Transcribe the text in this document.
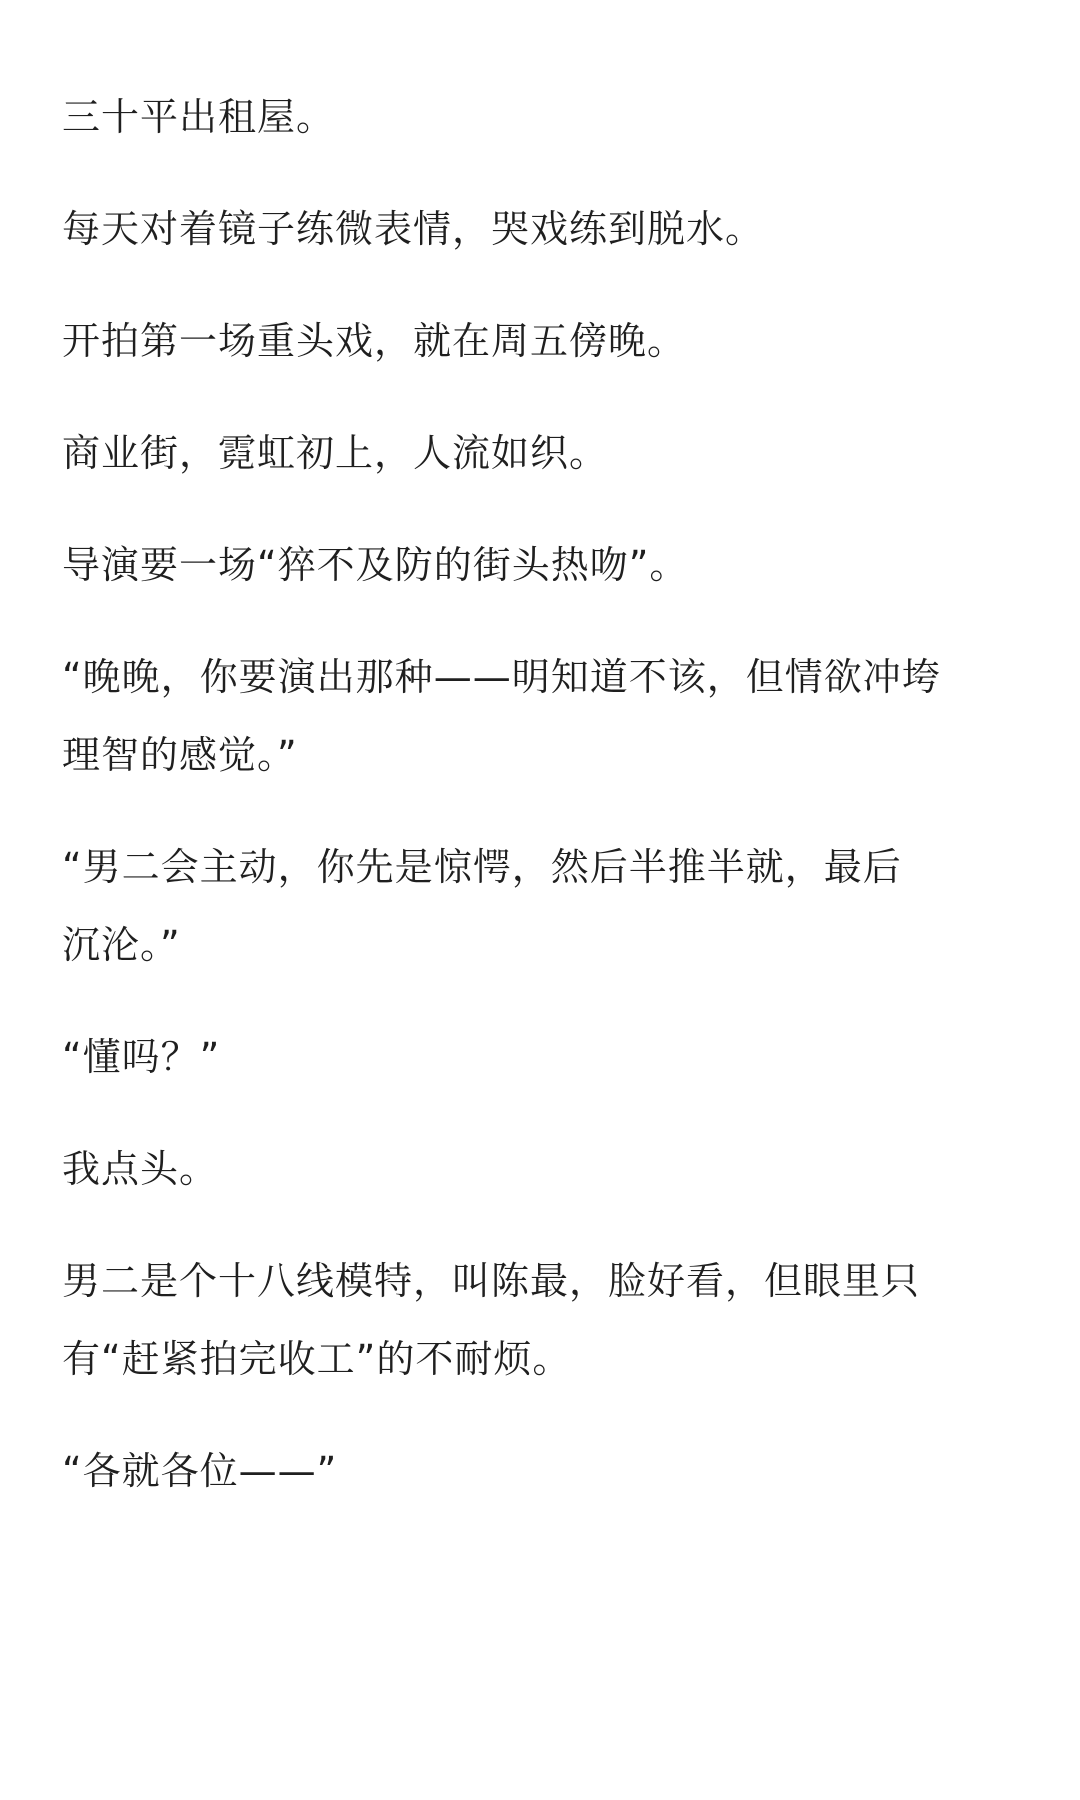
三十平出租屋。

每天对着镜子练微表情，哭戏练到脱水。

开拍第一场重头戏，就在周五傍晚。

商业街，霓虹初上，人流如织。

导演要一场“猝不及防的街头热吻”。

“晚晚，你要演出那种——明知道不该，但情欲冲垮
理智的感觉。”

“男二会主动，你先是惊愕，然后半推半就，最后
沉沦。”

“懂吗？”

我点头。

男二是个十八线模特，叫陈最，脸好看，但眼里只
有“赶紧拍完收工”的不耐烦。

“各就各位——”
